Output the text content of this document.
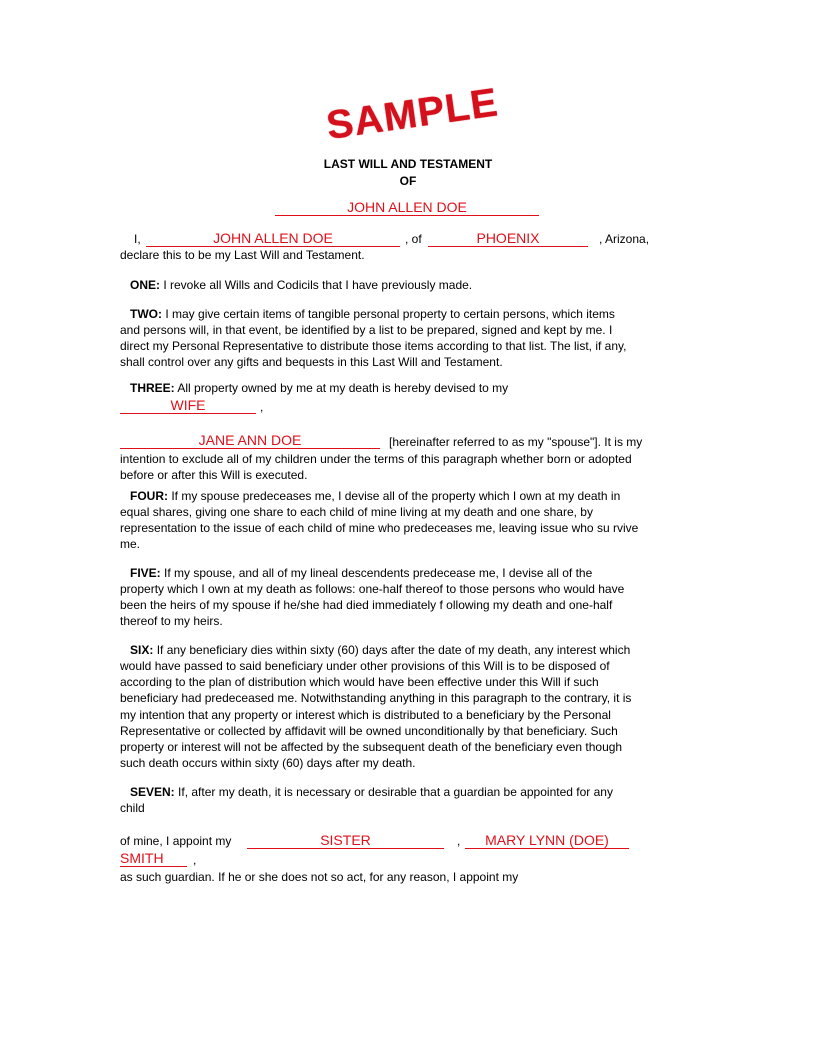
SAMPLE
LAST WILL AND TESTAMENT
OF
JOHN ALLEN DOE
I,	JOHN ALLEN DOE	, of	PHOENIX	, Arizona,
declare this to be my Last Will and Testament.
ONE: I revoke all Wills and Codicils that I have previously made.
TWO: I may give certain items of tangible personal property to certain persons, which items
and persons will, in that event, be identified by a list to be prepared, signed and kept by me. I
direct my Personal Representative to distribute those items according to that list. The list, if any,
shall control over any gifts and bequests in this Last Will and Testament.
THREE: All property owned by me at my death is hereby devised to my
WIFE	,
JANE ANN DOE	[hereinafter referred to as my "spouse"]. It is my
intention to exclude all of my children under the terms of this paragraph whether born or adopted
before or after this Will is executed.
FOUR: If my spouse predeceases me, I devise all of the property which I own at my death in
equal shares, giving one share to each child of mine living at my death and one share, by
representation to the issue of each child of mine who predeceases me, leaving issue who su rvive
me.
FIVE: If my spouse, and all of my lineal descendents predecease me, I devise all of the
property which I own at my death as follows: one-half thereof to those persons who would have
been the heirs of my spouse if he/she had died immediately f ollowing my death and one-half
thereof to my heirs.
SIX: If any beneficiary dies within sixty (60) days after the date of my death, any interest which
would have passed to said beneficiary under other provisions of this Will is to be disposed of
according to the plan of distribution which would have been effective under this Will if such
beneficiary had predeceased me. Notwithstanding anything in this paragraph to the contrary, it is
my intention that any property or interest which is distributed to a beneficiary by the Personal
Representative or collected by affidavit will be owned unconditionally by that beneficiary. Such
property or interest will not be affected by the subsequent death of the beneficiary even though
such death occurs within sixty (60) days after my death.
SEVEN: If, after my death, it is necessary or desirable that a guardian be appointed for any
child
of mine, I appoint my	SISTER	,	MARY LYNN (DOE)
SMITH	,
as such guardian. If he or she does not so act, for any reason, I appoint my
